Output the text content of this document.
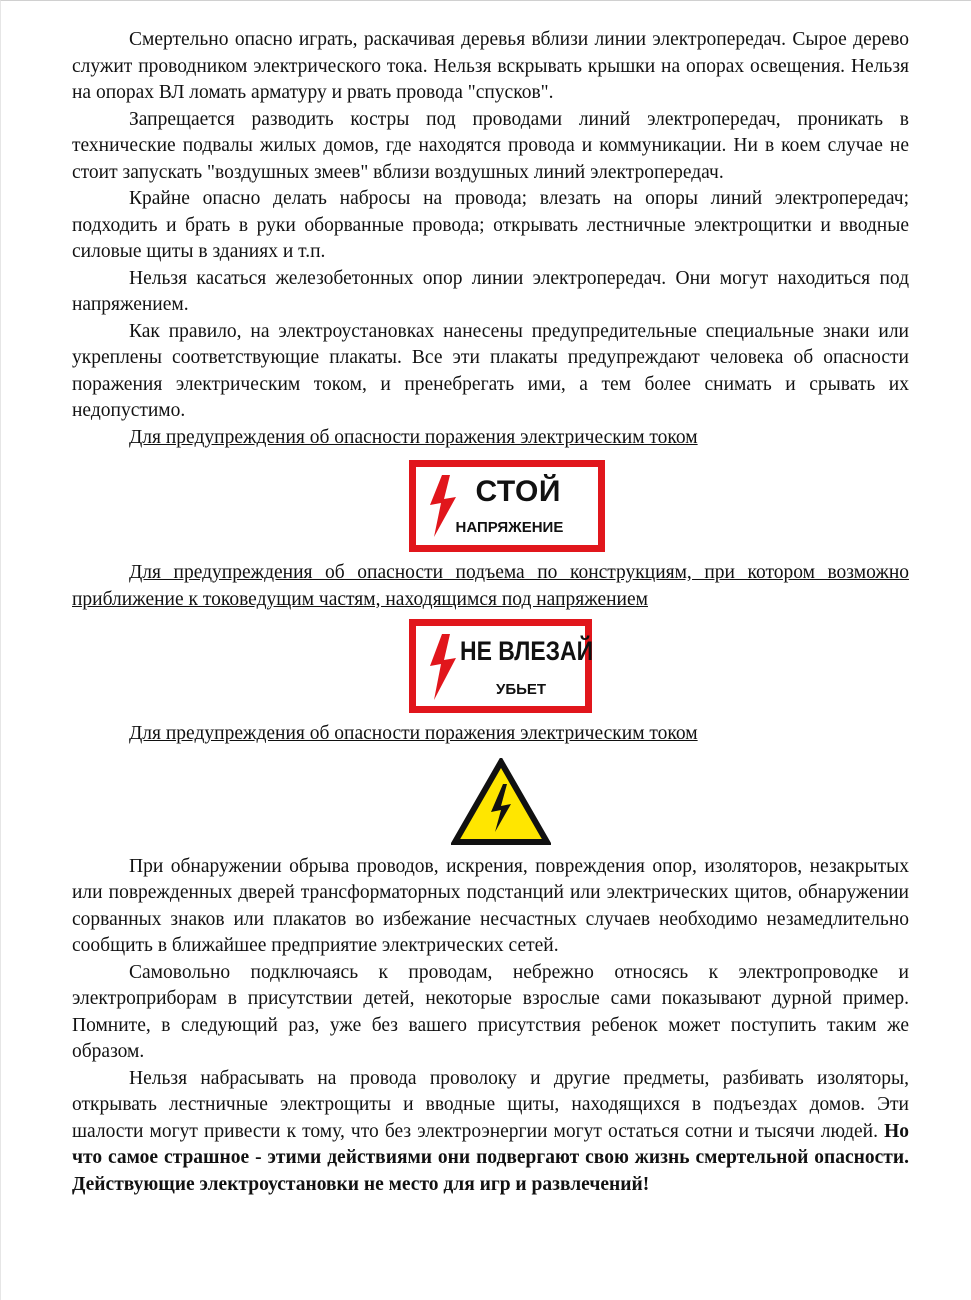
Смертельно опасно играть, раскачивая деревья вблизи линии электропередач. Сырое дерево служит проводником электрического тока. Нельзя вскрывать крышки на опорах освещения. Нельзя на опорах ВЛ ломать арматуру и рвать провода "спусков".

Запрещается разводить костры под проводами линий электропередач, проникать в технические подвалы жилых домов, где находятся провода и коммуникации. Ни в коем случае не стоит запускать "воздушных змеев" вблизи воздушных линий электропередач.

Крайне опасно делать набросы на провода; влезать на опоры линий электропередач; подходить и брать в руки оборванные провода; открывать лестничные электрощитки и вводные силовые щиты в зданиях и т.п.

Нельзя касаться железобетонных опор линии электропередач. Они могут находиться под напряжением.

Как правило, на электроустановках нанесены предупредительные специальные знаки или укреплены соответствующие плакаты. Все эти плакаты предупреждают человека об опасности поражения электрическим током, и пренебрегать ими, а тем более снимать и срывать их недопустимо.

Для предупреждения об опасности поражения электрическим током

СТОЙ
НАПРЯЖЕНИЕ

Для предупреждения об опасности подъема по конструкциям, при котором возможно приближение к токоведущим частям, находящимся под напряжением

НЕ ВЛЕЗАЙ
УБЬЕТ

Для предупреждения об опасности поражения электрическим током

При обнаружении обрыва проводов, искрения, повреждения опор, изоляторов, незакрытых или поврежденных дверей трансформаторных подстанций или электрических щитов, обнаружении сорванных знаков или плакатов во избежание несчастных случаев необходимо незамедлительно сообщить в ближайшее предприятие электрических сетей.

Самовольно подключаясь к проводам, небрежно относясь к электропроводке и электроприборам в присутствии детей, некоторые взрослые сами показывают дурной пример. Помните, в следующий раз, уже без вашего присутствия ребенок может поступить таким же образом.

Нельзя набрасывать на провода проволоку и другие предметы, разбивать изоляторы, открывать лестничные электрощиты и вводные щиты, находящихся в подъездах домов. Эти шалости могут привести к тому, что без электроэнергии могут остаться сотни и тысячи людей. Но что самое страшное - этими действиями они подвергают свою жизнь смертельной опасности. Действующие электроустановки не место для игр и развлечений!
